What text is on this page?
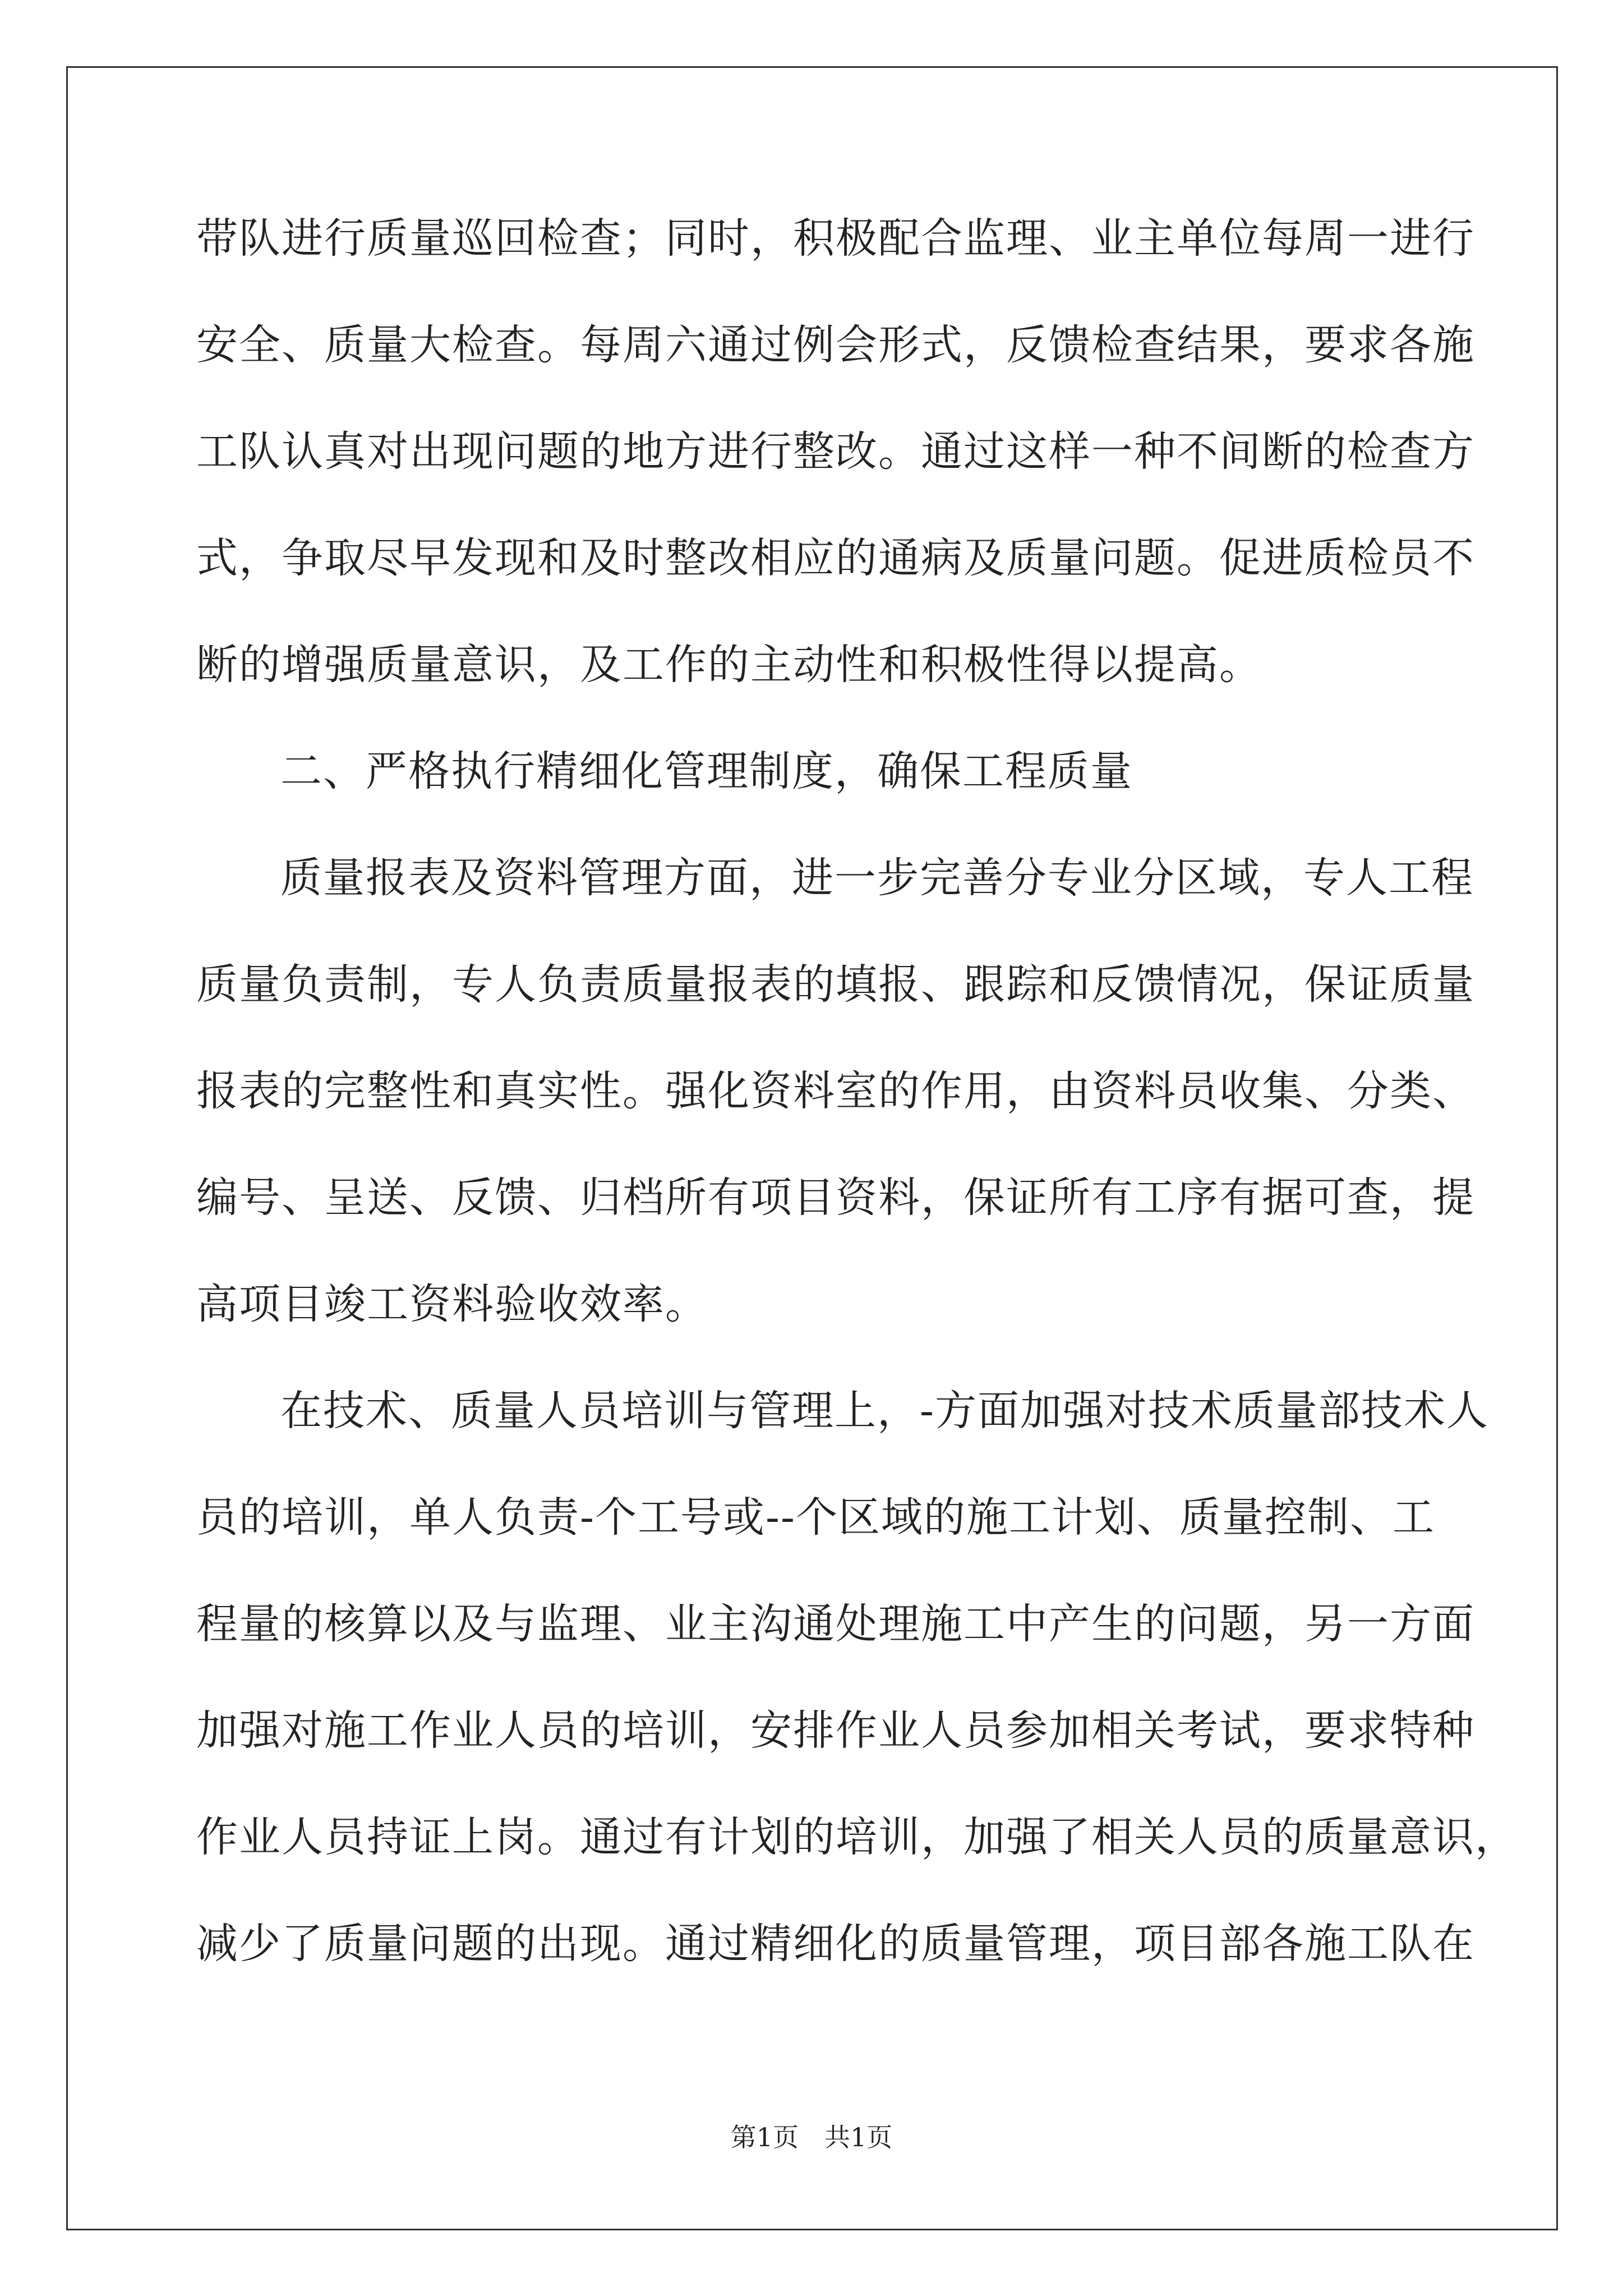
带队进行质量巡回检查；同时，积极配合监理、业主单位每周一进行
安全、质量大检查。每周六通过例会形式，反馈检查结果，要求各施
工队认真对出现问题的地方进行整改。通过这样一种不间断的检查方
式，争取尽早发现和及时整改相应的通病及质量问题。促进质检员不
断的增强质量意识，及工作的主动性和积极性得以提高。
二、严格执行精细化管理制度，确保工程质量
质量报表及资料管理方面，进一步完善分专业分区域，专人工程
质量负责制，专人负责质量报表的填报、跟踪和反馈情况，保证质量
报表的完整性和真实性。强化资料室的作用，由资料员收集、分类、
编号、呈送、反馈、归档所有项目资料，保证所有工序有据可查，提
高项目竣工资料验收效率。
在技术、质量人员培训与管理上，-方面加强对技术质量部技术人
员的培训，单人负责-个工号或--个区域的施工计划、质量控制、工
程量的核算以及与监理、业主沟通处理施工中产生的问题，另一方面
加强对施工作业人员的培训，安排作业人员参加相关考试，要求特种
作业人员持证上岗。通过有计划的培训，加强了相关人员的质量意识，
减少了质量问题的出现。通过精细化的质量管理，项目部各施工队在
第1页　共1页
